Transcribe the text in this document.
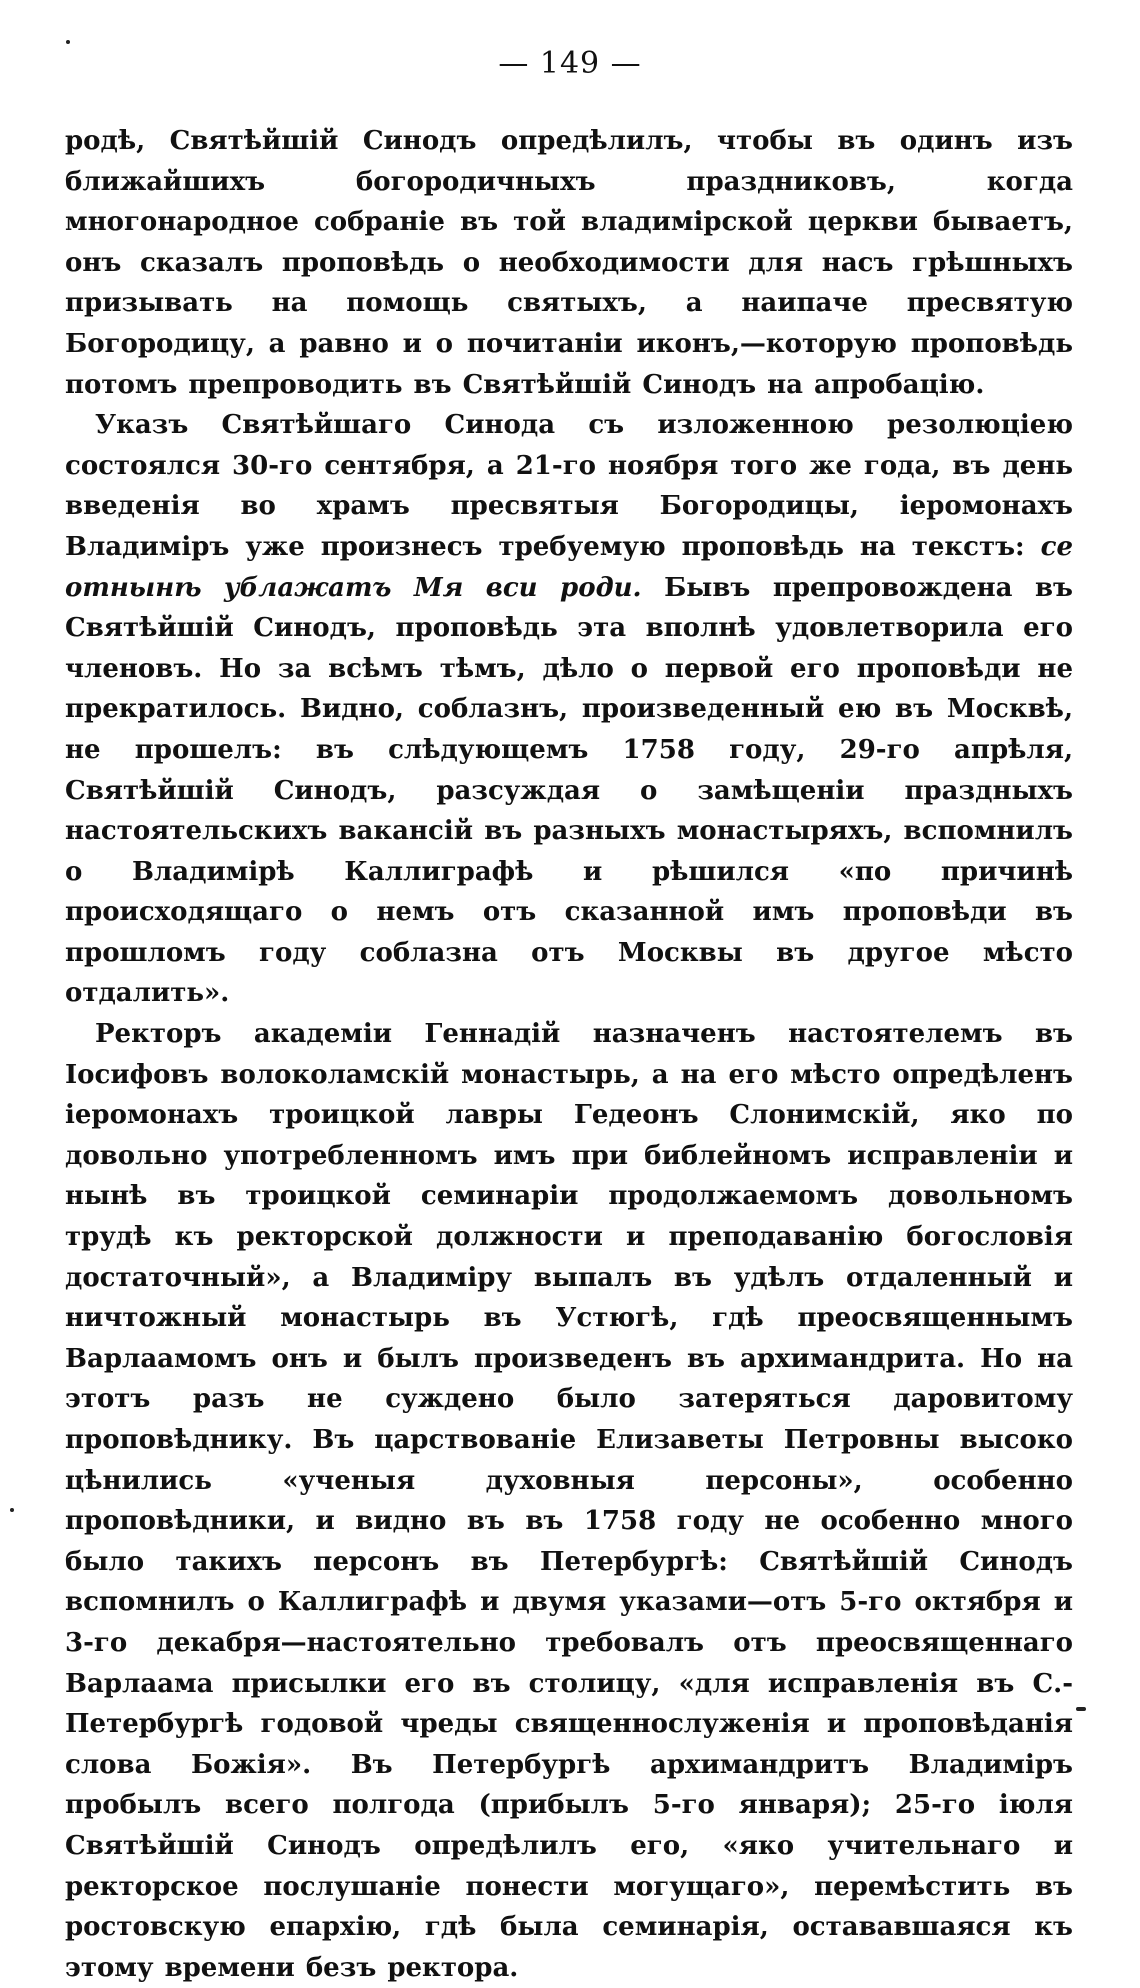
— 149 —

родѣ, Святѣйшій Синодъ опредѣлилъ, чтобы въ одинъ изъ ближайшихъ богородичныхъ праздниковъ, когда многонародное собраніе въ той владимірской церкви бываетъ, онъ сказалъ проповѣдь о необходимости для насъ грѣшныхъ призывать на помощь святыхъ, а наипаче пресвятую Богородицу, а равно и о почитаніи иконъ,—которую проповѣдь потомъ препроводить въ Святѣйшій Синодъ на апробацію.

Указъ Святѣйшаго Синода съ изложенною резолюціею состоялся 30-го сентября, а 21-го ноября того же года, въ день введенія во храмъ пресвятыя Богородицы, іеромонахъ Владиміръ уже произнесъ требуемую проповѣдь на текстъ: се отнынѣ ублажатъ Мя вси роди. Бывъ препровождена въ Святѣйшій Синодъ, проповѣдь эта вполнѣ удовлетворила его членовъ. Но за всѣмъ тѣмъ, дѣло о первой его проповѣди не прекратилось. Видно, соблазнъ, произведенный ею въ Москвѣ, не прошелъ: въ слѣдующемъ 1758 году, 29-го апрѣля, Святѣйшій Синодъ, разсуждая о замѣщеніи праздныхъ настоятельскихъ вакансій въ разныхъ монастыряхъ, вспомнилъ о Владимірѣ Каллиграфѣ и рѣшился «по причинѣ происходящаго о немъ отъ сказанной имъ проповѣди въ прошломъ году соблазна отъ Москвы въ другое мѣсто отдалить».

Ректоръ академіи Геннадій назначенъ настоятелемъ въ Іосифовъ волоколамскій монастырь, а на его мѣсто опредѣленъ іеромонахъ троицкой лавры Гедеонъ Слонимскій, яко по довольно употребленномъ имъ при библейномъ исправленіи и нынѣ въ троицкой семинаріи продолжаемомъ довольномъ трудѣ къ ректорской должности и преподаванію богословія достаточный», а Владиміру выпалъ въ удѣлъ отдаленный и ничтожный монастырь въ Устюгѣ, гдѣ преосвященнымъ Варлаамомъ онъ и былъ произведенъ въ архимандрита. Но на этотъ разъ не суждено было затеряться даровитому проповѣднику. Въ царствованіе Елизаветы Петровны высоко цѣнились «ученыя духовныя персоны», особенно проповѣдники, и видно въ въ 1758 году не особенно много было такихъ персонъ въ Петербургѣ: Святѣйшій Синодъ вспомнилъ о Каллиграфѣ и двумя указами—отъ 5-го октября и 3-го декабря—настоятельно требовалъ отъ преосвященнаго Варлаама присылки его въ столицу, «для исправленія въ С.-Петербургѣ годовой чреды священнослуженія и проповѣданія слова Божія». Въ Петербургѣ архимандритъ Владиміръ пробылъ всего полгода (прибылъ 5-го января); 25-го іюля Святѣйшій Синодъ опредѣлилъ его, «яко учительнаго и ректорское послушаніе понести могущаго», перемѣстить въ ростовскую епархію, гдѣ была семинарія, остававшаяся къ этому времени безъ ректора.
